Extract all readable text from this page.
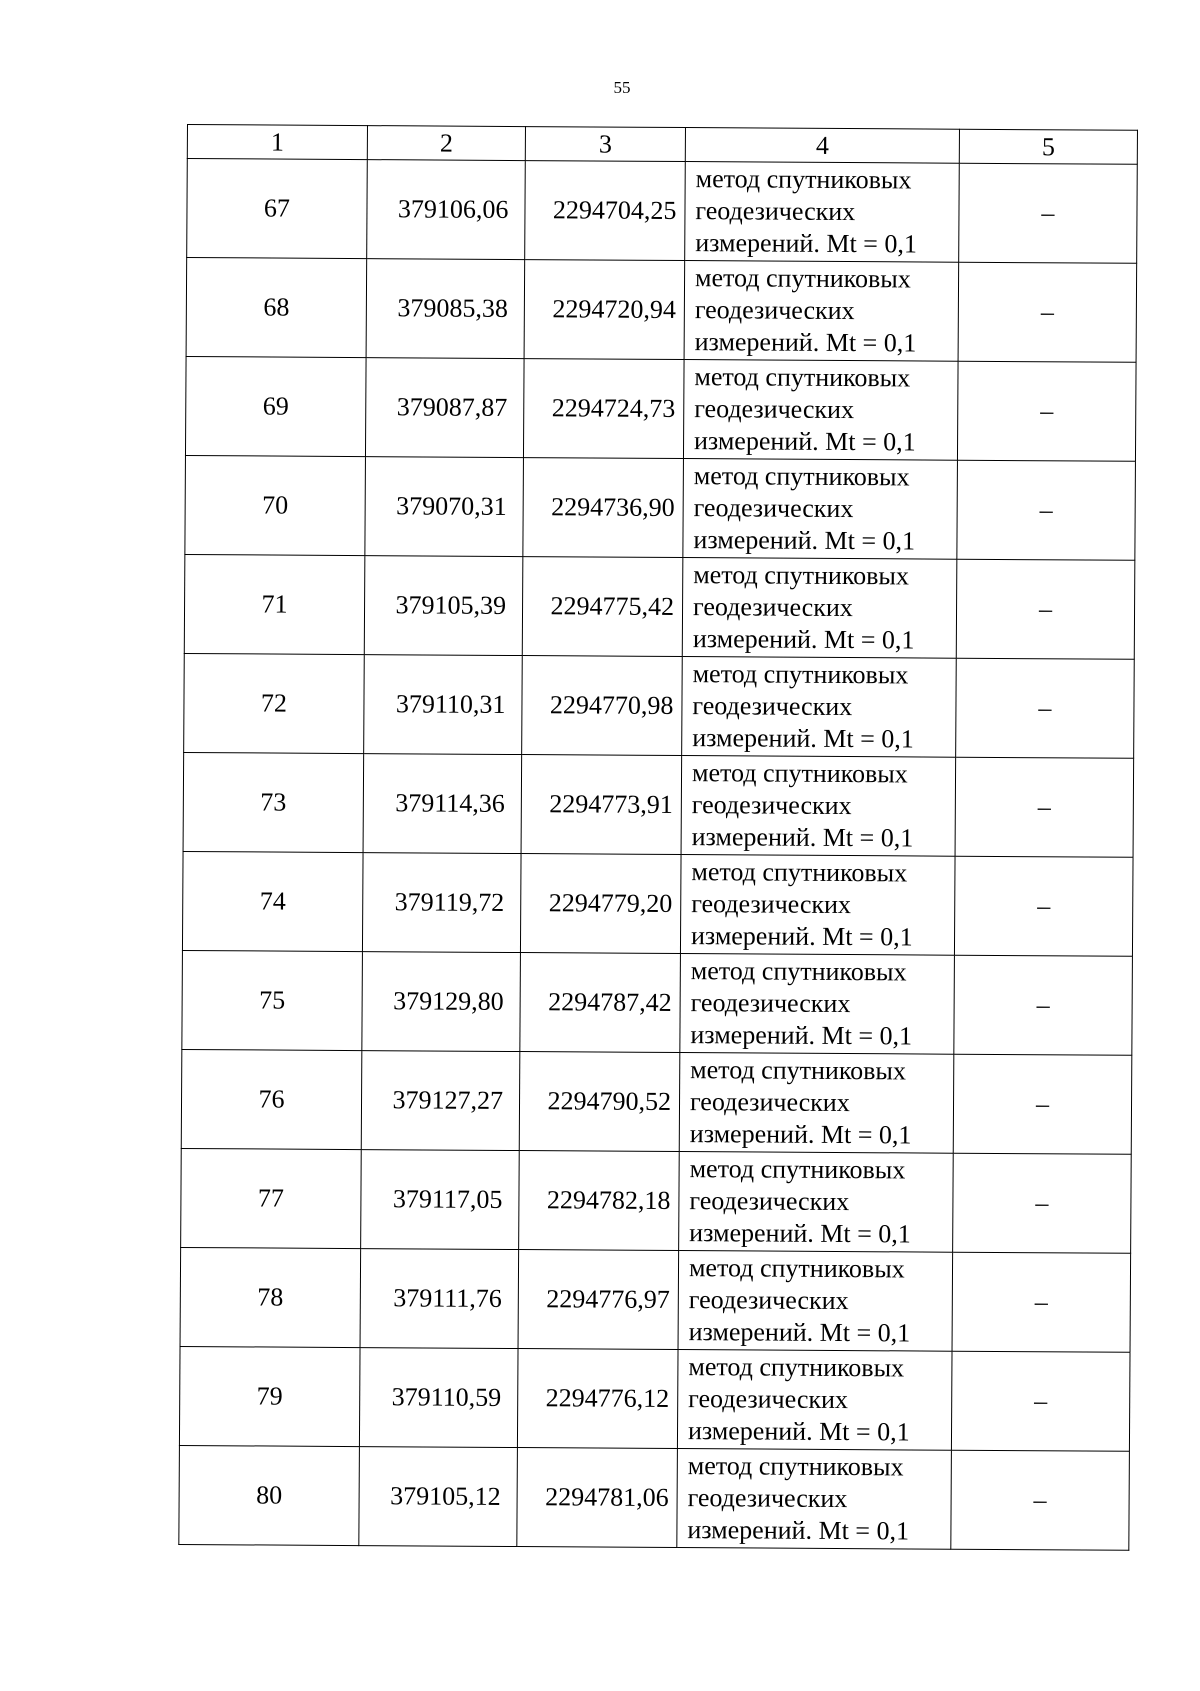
55
1	2	3	4	5
67	379106,06	2294704,25	метод спутниковых
геодезических
измерений. Mt = 0,1	–
68	379085,38	2294720,94	метод спутниковых
геодезических
измерений. Mt = 0,1	–
69	379087,87	2294724,73	метод спутниковых
геодезических
измерений. Mt = 0,1	–
70	379070,31	2294736,90	метод спутниковых
геодезических
измерений. Mt = 0,1	–
71	379105,39	2294775,42	метод спутниковых
геодезических
измерений. Mt = 0,1	–
72	379110,31	2294770,98	метод спутниковых
геодезических
измерений. Mt = 0,1	–
73	379114,36	2294773,91	метод спутниковых
геодезических
измерений. Mt = 0,1	–
74	379119,72	2294779,20	метод спутниковых
геодезических
измерений. Mt = 0,1	–
75	379129,80	2294787,42	метод спутниковых
геодезических
измерений. Mt = 0,1	–
76	379127,27	2294790,52	метод спутниковых
геодезических
измерений. Mt = 0,1	–
77	379117,05	2294782,18	метод спутниковых
геодезических
измерений. Mt = 0,1	–
78	379111,76	2294776,97	метод спутниковых
геодезических
измерений. Mt = 0,1	–
79	379110,59	2294776,12	метод спутниковых
геодезических
измерений. Mt = 0,1	–
80	379105,12	2294781,06	метод спутниковых
геодезических
измерений. Mt = 0,1	–
